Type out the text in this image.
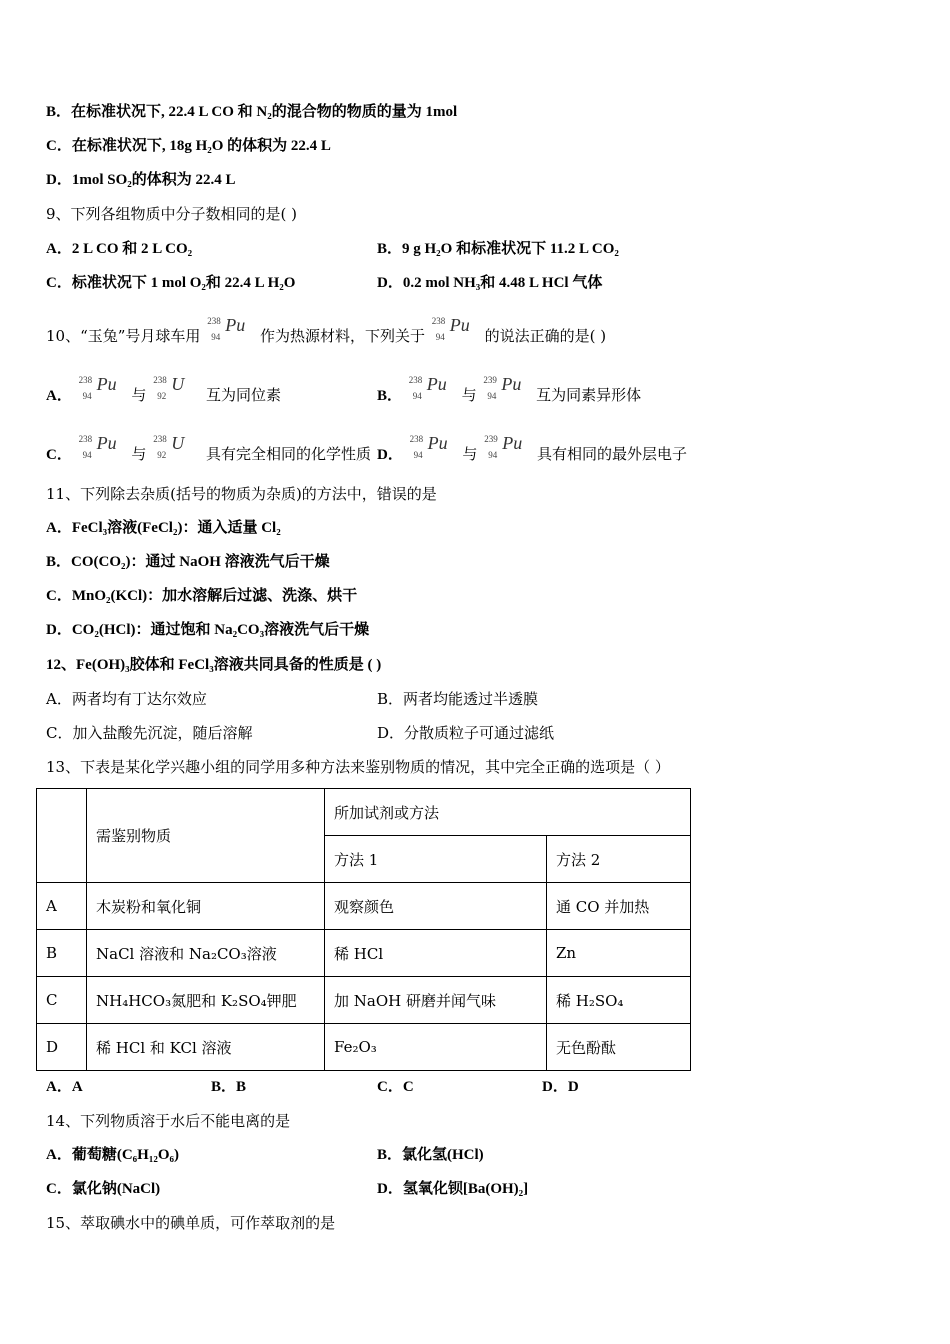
B．在标准状况下, 22.4 L CO 和 N₂的混合物的物质的量为 1mol
C．在标准状况下, 18g H₂O 的体积为 22.4 L
D．1mol SO₂的体积为 22.4 L
9、下列各组物质中分子数相同的是( )
A．2 L CO 和 2 L CO₂	B．9 g H₂O 和标准状况下 11.2 L CO₂
C．标准状况下 1 mol O₂和 22.4 L H₂O	D．0.2 mol NH₃和 4.48 L HCl 气体
10、“玉兔”号月球车用
238
94
Pu
作为热源材料，下列关于
238
94
Pu
的说法正确的是( )
A．
238
94
Pu
与
238
92
U
互为同位素	B．
238
94
Pu
与
239
94
Pu
互为同素异形体
C．
238
94
Pu
与
238
92
U
具有完全相同的化学性质 D．
238
94
Pu
与
239
94
Pu
具有相同的最外层电子
11、下列除去杂质(括号的物质为杂质)的方法中，错误的是
A．FeCl₃溶液(FeCl₂)：通入适量 Cl₂
B．CO(CO₂)：通过 NaOH 溶液洗气后干燥
C．MnO₂(KCl)：加水溶解后过滤、洗涤、烘干
D．CO₂(HCl)：通过饱和 Na₂CO₃溶液洗气后干燥
12、Fe(OH)₃胶体和 FeCl₃溶液共同具备的性质是 ( )
A．两者均有丁达尔效应	B．两者均能透过半透膜
C．加入盐酸先沉淀，随后溶解	D．分散质粒子可通过滤纸
13、下表是某化学兴趣小组的同学用多种方法来鉴别物质的情况，其中完全正确的选项是（ ）
	需鉴别物质	所加试剂或方法	
		方法 1	方法 2
A	木炭粉和氧化铜	观察颜色	通 CO 并加热
B	NaCl 溶液和 Na₂CO₃溶液	稀 HCl	Zn
C	NH₄HCO₃氮肥和 K₂SO₄钾肥	加 NaOH 研磨并闻气味	稀 H₂SO₄
D	稀 HCl 和 KCl 溶液	Fe₂O₃	无色酚酞
A．A	B．B	C．C	D．D
14、下列物质溶于水后不能电离的是
A．葡萄糖(C₆H₁₂O₆)	B．氯化氢(HCl)
C．氯化钠(NaCl)	D．氢氧化钡[Ba(OH)₂]
15、萃取碘水中的碘单质，可作萃取剂的是
